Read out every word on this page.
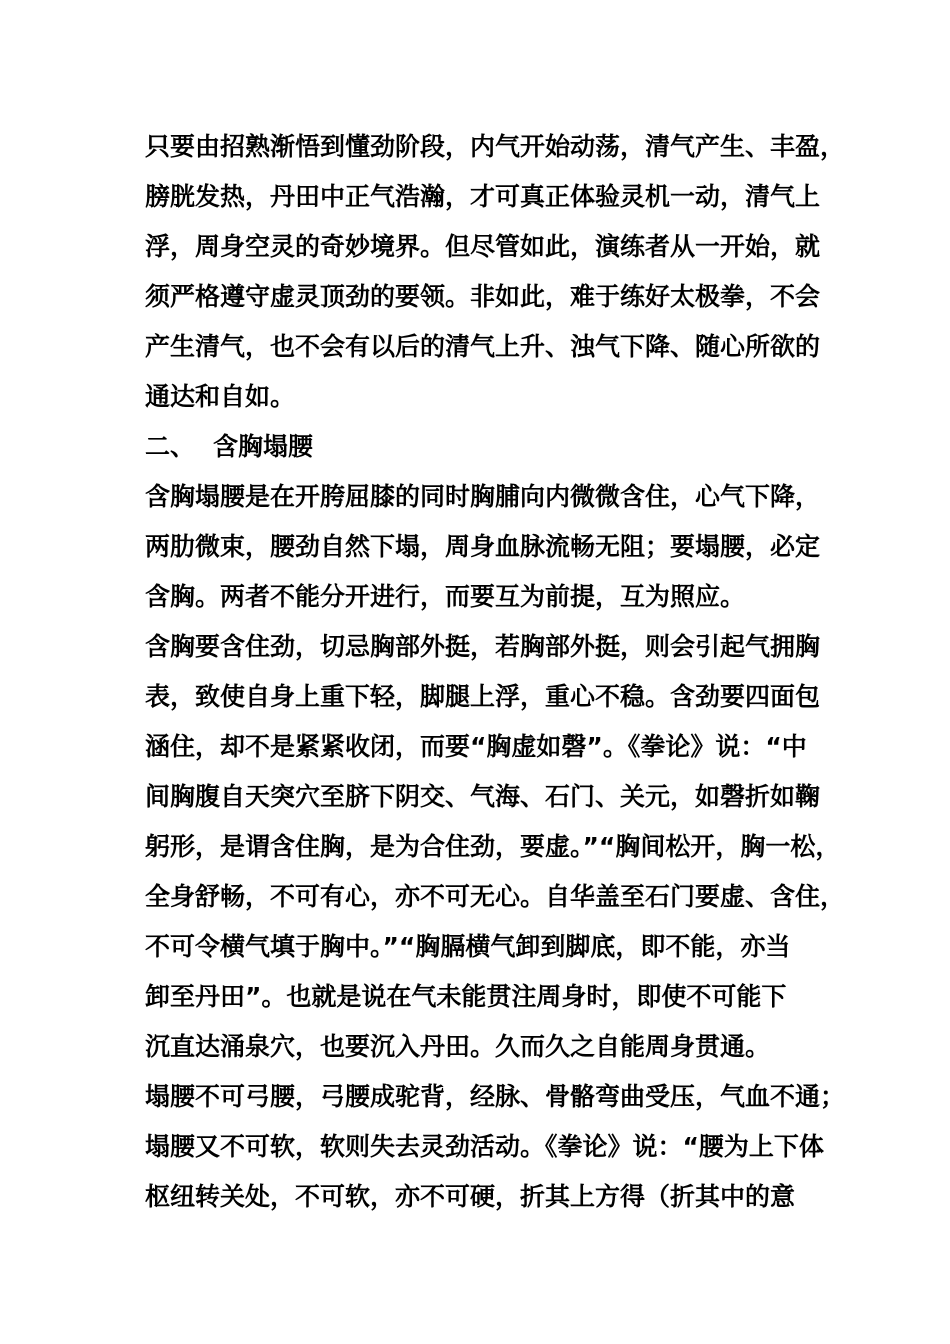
只要由招熟渐悟到懂劲阶段，内气开始动荡，清气产生、丰盈，
膀胱发热，丹田中正气浩瀚，才可真正体验灵机一动，清气上
浮，周身空灵的奇妙境界。但尽管如此，演练者从一开始，就
须严格遵守虚灵顶劲的要领。非如此，难于练好太极拳，不会
产生清气，也不会有以后的清气上升、浊气下降、随心所欲的
通达和自如。
二、 含胸塌腰
含胸塌腰是在开胯屈膝的同时胸脯向内微微含住，心气下降，
两肋微束，腰劲自然下塌，周身血脉流畅无阻；要塌腰，必定
含胸。两者不能分开进行，而要互为前提，互为照应。
含胸要含住劲，切忌胸部外挺，若胸部外挺，则会引起气拥胸
表，致使自身上重下轻，脚腿上浮，重心不稳。含劲要四面包
涵住，却不是紧紧收闭，而要“胸虚如磬”。《拳论》说：“中
间胸腹自天突穴至脐下阴交、气海、石门、关元，如磬折如鞠
躬形，是谓含住胸，是为合住劲，要虚。”“胸间松开，胸一松，
全身舒畅，不可有心，亦不可无心。自华盖至石门要虚、含住，
不可令横气填于胸中。”“胸膈横气卸到脚底，即不能，亦当
卸至丹田”。也就是说在气未能贯注周身时，即使不可能下
沉直达涌泉穴，也要沉入丹田。久而久之自能周身贯通。
塌腰不可弓腰，弓腰成驼背，经脉、骨骼弯曲受压，气血不通；
塌腰又不可软，软则失去灵劲活动。《拳论》说：“腰为上下体
枢纽转关处，不可软，亦不可硬，折其上方得（折其中的意
